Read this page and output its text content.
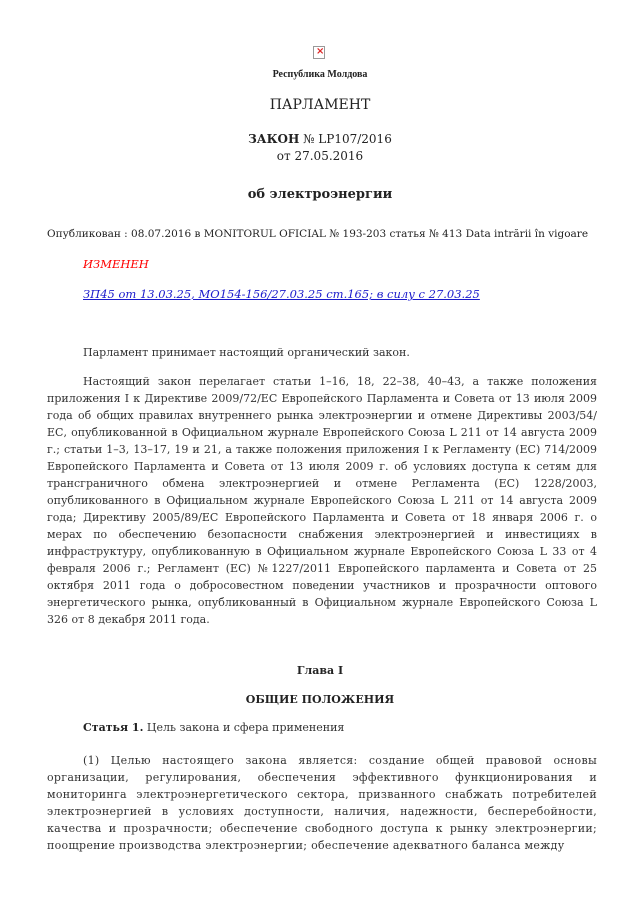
×
Республика Молдова
ПАРЛАМЕНТ
ЗАКОН № LP107/2016
от 27.05.2016
об электроэнергии
Опубликован : 08.07.2016 в MONITORUL OFICIAL № 193-203 статья № 413 Data intrării în vigoare
ИЗМЕНЕН
ЗП45 от 13.03.25, MO154-156/27.03.25 ст.165; в силу с 27.03.25

Парламент принимает настоящий органический закон.

Настоящий закон перелагает статьи 1–16, 18, 22–38, 40–43, а также положения приложения I к Директиве 2009/72/ЕС Европейского Парламента и Совета от 13 июля 2009 года об общих правилах внутреннего рынка электроэнергии и отмене Директивы 2003/54/ЕС, опубликованной в Официальном журнале Европейского Союза L 211 от 14 августа 2009 г.; статьи 1–3, 13–17, 19 и 21, а также положения приложения I к Регламенту (ЕС) 714/2009 Европейского Парламента и Совета от 13 июля 2009 г. об условиях доступа к сетям для трансграничного обмена электроэнергией и отмене Регламента (ЕС) 1228/2003, опубликованного в Официальном журнале Европейского Союза L 211 от 14 августа 2009 года; Директиву 2005/89/ЕС Европейского Парламента и Совета от 18 января 2006 г. о мерах по обеспечению безопасности снабжения электроэнергией и инвестициях в инфраструктуру, опубликованную в Официальном журнале Европейского Союза L 33 от 4 февраля 2006 г.; Регламент (ЕС) №1227/2011 Европейского парламента и Совета от 25 октября 2011 года о добросовестном поведении участников и прозрачности оптового энергетического рынка, опубликованный в Официальном журнале Европейского Союза L 326 от 8 декабря 2011 года.

Глава I
ОБЩИЕ ПОЛОЖЕНИЯ
Статья 1. Цель закона и сфера применения

(1) Целью настоящего закона является: создание общей правовой основы организации, регулирования, обеспечения эффективного функционирования и мониторинга электроэнергетического сектора, призванного снабжать потребителей электроэнергией в условиях доступности, наличия, надежности, бесперебойности, качества и прозрачности; обеспечение свободного доступа к рынку электроэнергии; поощрение производства электроэнергии; обеспечение адекватного баланса между
